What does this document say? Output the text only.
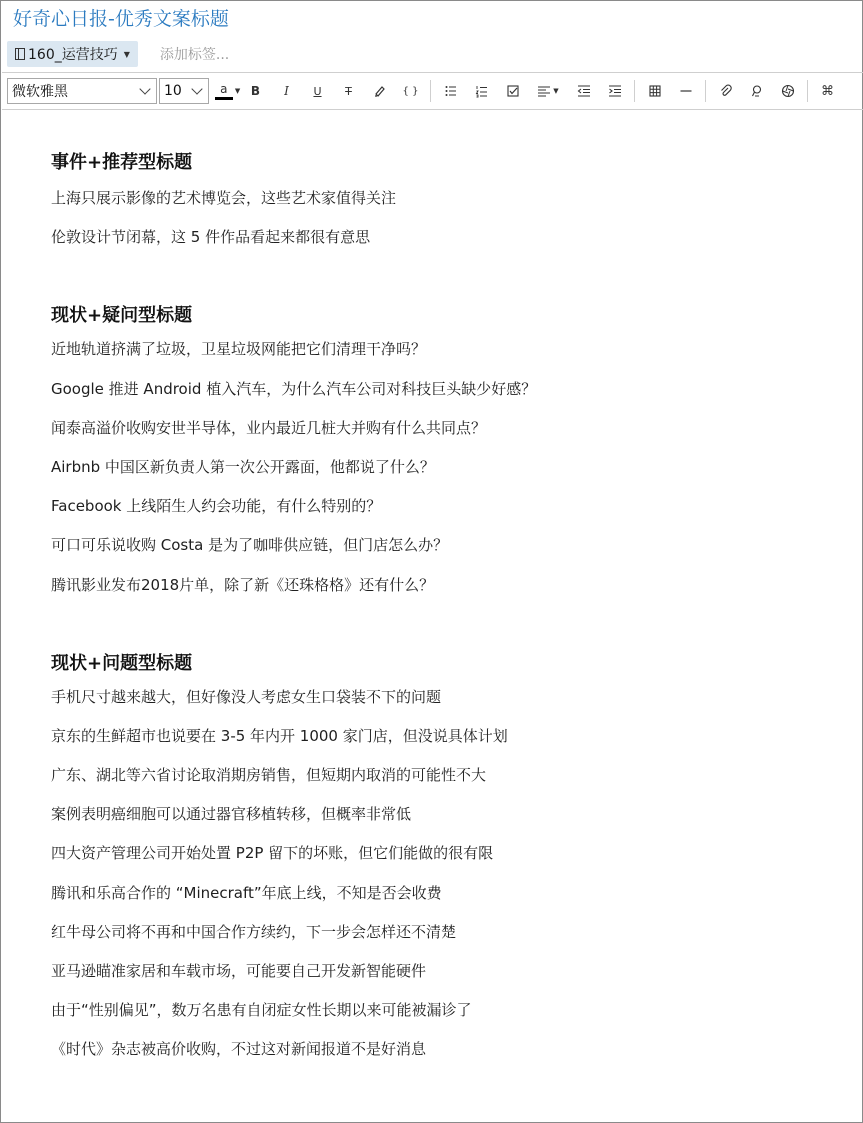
好奇心日报-优秀文案标题
160_运营技巧 ▼ 添加标签...
微软雅黑	10	a ▼ B I U T	{ }	▼	⌘
事件+推荐型标题
上海只展示影像的艺术博览会，这些艺术家值得关注
伦敦设计节闭幕，这 5 件作品看起来都很有意思
现状+疑问型标题
近地轨道挤满了垃圾，卫星垃圾网能把它们清理干净吗？
Google 推进 Android 植入汽车，为什么汽车公司对科技巨头缺少好感？
闻泰高溢价收购安世半导体，业内最近几桩大并购有什么共同点？
Airbnb 中国区新负责人第一次公开露面，他都说了什么？
Facebook 上线陌生人约会功能，有什么特别的？
可口可乐说收购 Costa 是为了咖啡供应链，但门店怎么办？
腾讯影业发布2018片单，除了新《还珠格格》还有什么？
现状+问题型标题
手机尺寸越来越大，但好像没人考虑女生口袋装不下的问题
京东的生鲜超市也说要在 3-5 年内开 1000 家门店，但没说具体计划
广东、湖北等六省讨论取消期房销售，但短期内取消的可能性不大
案例表明癌细胞可以通过器官移植转移，但概率非常低
四大资产管理公司开始处置 P2P 留下的坏账，但它们能做的很有限
腾讯和乐高合作的 “Minecraft”年底上线，不知是否会收费
红牛母公司将不再和中国合作方续约，下一步会怎样还不清楚
亚马逊瞄准家居和车载市场，可能要自己开发新智能硬件
由于“性别偏见”，数万名患有自闭症女性长期以来可能被漏诊了
《时代》杂志被高价收购，不过这对新闻报道不是好消息
